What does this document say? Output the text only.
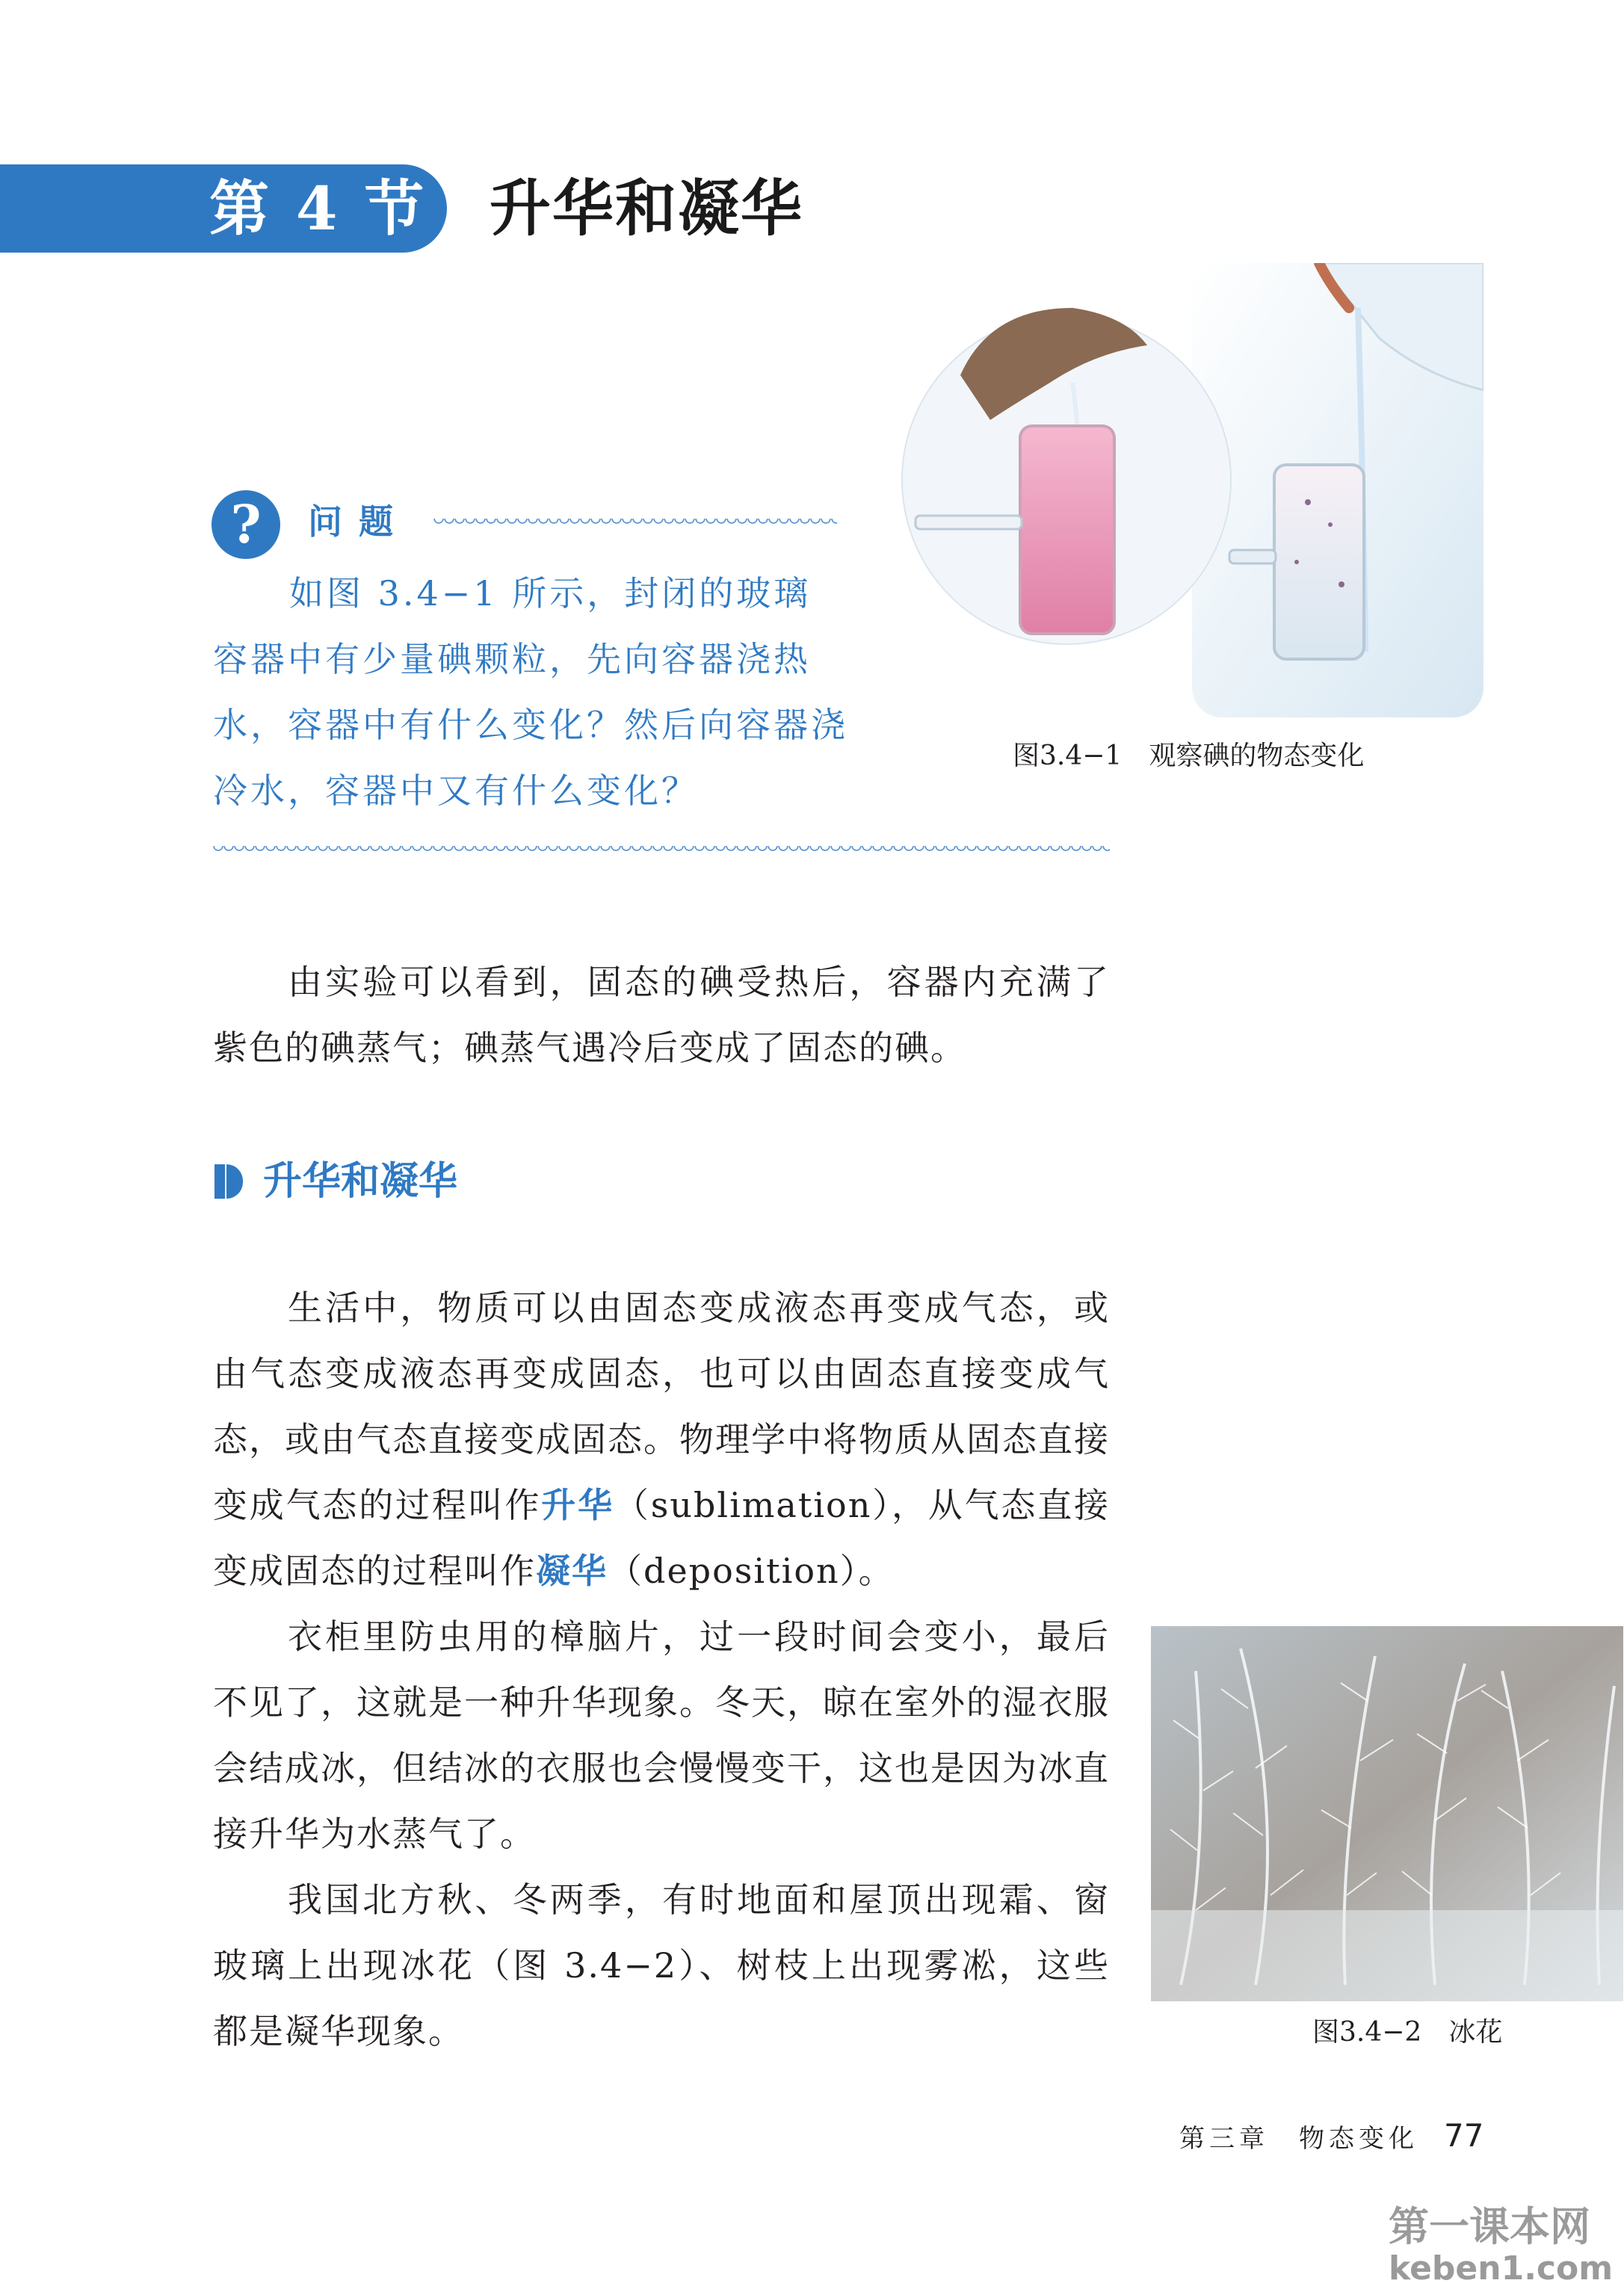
第 4 节 升华和凝华
?	问题
如图 3.4−1 所示，封闭的玻璃容器中有少量碘颗粒，先向容器浇热水，容器中有什么变化？然后向容器浇冷水，容器中又有什么变化？
图3.4−1　观察碘的物态变化
由实验可以看到，固态的碘受热后，容器内充满了紫色的碘蒸气；碘蒸气遇冷后变成了固态的碘。
升华和凝华
生活中，物质可以由固态变成液态再变成气态，或由气态变成液态再变成固态，也可以由固态直接变成气态，或由气态直接变成固态。物理学中将物质从固态直接变成气态的过程叫作升华（sublimation），从气态直接变成固态的过程叫作凝华（deposition）。
衣柜里防虫用的樟脑片，过一段时间会变小，最后不见了，这就是一种升华现象。冬天，晾在室外的湿衣服会结成冰，但结冰的衣服也会慢慢变干，这也是因为冰直接升华为水蒸气了。
我国北方秋、冬两季，有时地面和屋顶出现霜、窗玻璃上出现冰花（图 3.4−2）、树枝上出现雾凇，这些都是凝华现象。	图3.4−2　冰花
第三章　物态变化 77
第一课本网
keben1.com
